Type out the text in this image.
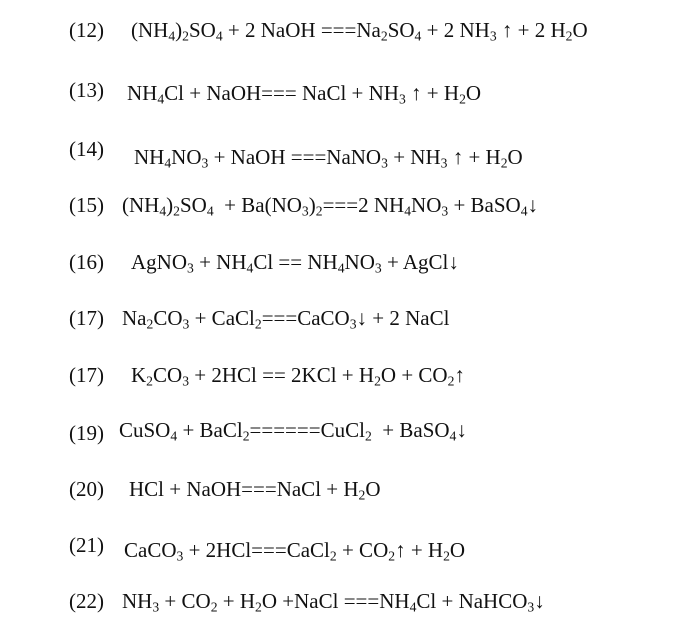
(12) $(NH_4)_2SO_4 + 2$ NaOH $===Na_2SO_4 + 2$ $NH_3$ ↑ + 2 $H_2O$
(13) $NH_4Cl$ + NaOH=== NaCl + $NH_3$ ↑ + $H_2O$
(14) $NH_4NO_3$ + NaOH ===NaNO$_3$ + $NH_3$ ↑ + $H_2O$
(15) $(NH_4)_2SO_4 + Ba(NO_3)_2===2$ $NH_4NO_3$ + BaSO$_4$↓
(16) AgNO$_3$ + $NH_4Cl == NH_4NO_3$ + AgCl↓
(17) $Na_2CO_3$ + CaCl$_2$===CaCO$_3$↓ + 2 NaCl
(17) $K_2CO_3 + 2HCl == 2KCl + H_2O$ + $CO_2↑$
(19) CuSO$_4$ + BaCl$_2$======CuCl$_2$  + BaSO$_4$↓
(20) HCl + NaOH===NaCl + $H_2O$
(21) CaCO$_3$ + 2HCl===CaCl$_2$ + $CO_2↑ + H_2O$
(22) $NH_3 + CO_2 + H_2O$ +NaCl $===NH_4Cl$ + NaHCO$_3$↓
